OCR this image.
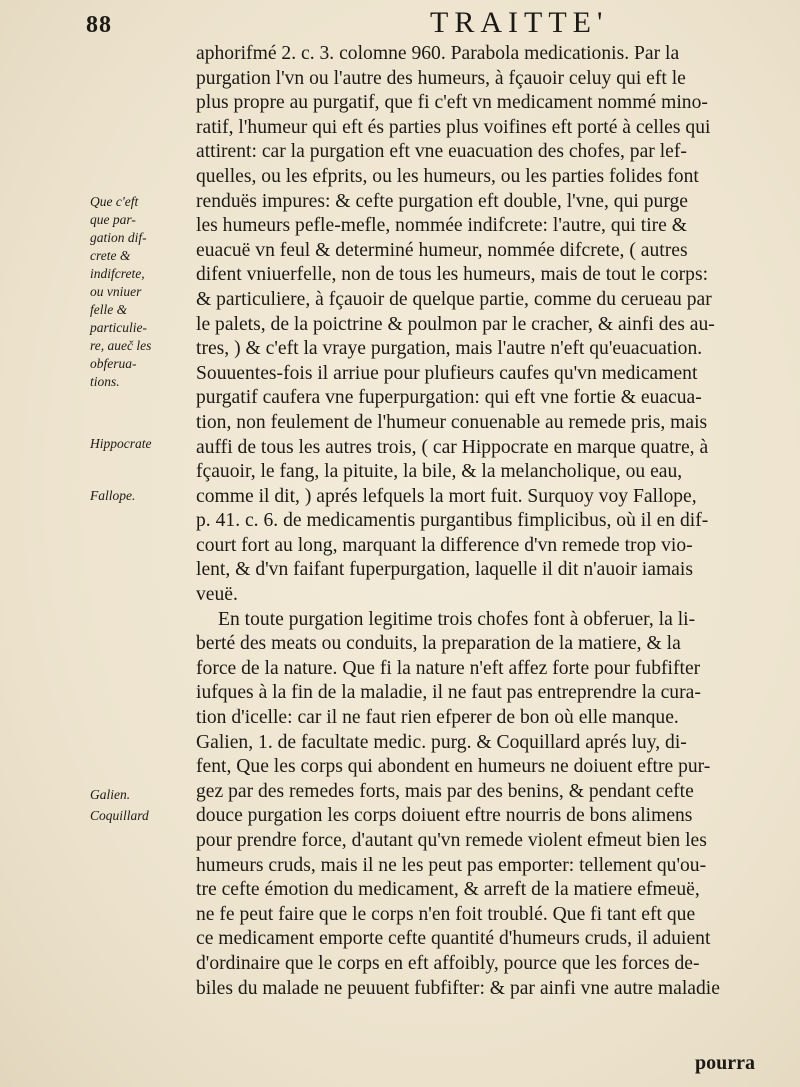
88	TRAITTE'
Que c'eft
que par-
gation dif-
crete &
indifcrete,
ou vniuer
felle &
particulie-
re, aueč les
obferua-
tions.
Hippocrate
Fallope.
Galien.
Coquillard
aphorifmé 2. c. 3. colomne 960. Parabola medicationis. Par la
purgation l'vn ou l'autre des humeurs, à fçauoir celuy qui eft le
plus propre au purgatif, que fi c'eft vn medicament nommé mino-
ratif, l'humeur qui eft és parties plus voifines eft porté à celles qui
attirent: car la purgation eft vne euacuation des chofes, par lef-
quelles, ou les efprits, ou les humeurs, ou les parties folides font
renduës impures: & cefte purgation eft double, l'vne, qui purge
les humeurs pefle-mefle, nommée indifcrete: l'autre, qui tire &
euacuë vn feul & determiné humeur, nommée difcrete, ( autres
difent vniuerfelle, non de tous les humeurs, mais de tout le corps:
& particuliere, à fçauoir de quelque partie, comme du cerueau par
le palets, de la poictrine & poulmon par le cracher, & ainfi des au-
tres, ) & c'eft la vraye purgation, mais l'autre n'eft qu'euacuation.
Souuentes-fois il arriue pour plufieurs caufes qu'vn medicament
purgatif caufera vne fuperpurgation: qui eft vne fortie & euacua-
tion, non feulement de l'humeur conuenable au remede pris, mais
auffi de tous les autres trois, ( car Hippocrate en marque quatre, à
fçauoir, le fang, la pituite, la bile, & la melancholique, ou eau,
comme il dit, ) aprés lefquels la mort fuit. Surquoy voy Fallope,
p. 41. c. 6. de medicamentis purgantibus fimplicibus, où il en dif-
court fort au long, marquant la difference d'vn remede trop vio-
lent, & d'vn faifant fuperpurgation, laquelle il dit n'auoir iamais
veuë.
En toute purgation legitime trois chofes font à obferuer, la li-
berté des meats ou conduits, la preparation de la matiere, & la
force de la nature. Que fi la nature n'eft affez forte pour fubfifter
iufques à la fin de la maladie, il ne faut pas entreprendre la cura-
tion d'icelle: car il ne faut rien efperer de bon où elle manque.
Galien, 1. de facultate medic. purg. & Coquillard aprés luy, di-
fent, Que les corps qui abondent en humeurs ne doiuent eftre pur-
gez par des remedes forts, mais par des benins, & pendant cefte
douce purgation les corps doiuent eftre nourris de bons alimens
pour prendre force, d'autant qu'vn remede violent efmeut bien les
humeurs cruds, mais il ne les peut pas emporter: tellement qu'ou-
tre cefte émotion du medicament, & arreft de la matiere efmeuë,
ne fe peut faire que le corps n'en foit troublé. Que fi tant eft que
ce medicament emporte cefte quantité d'humeurs cruds, il aduient
d'ordinaire que le corps en eft affoibly, pource que les forces de-
biles du malade ne peuuent fubfifter: & par ainfi vne autre maladie
pourra
